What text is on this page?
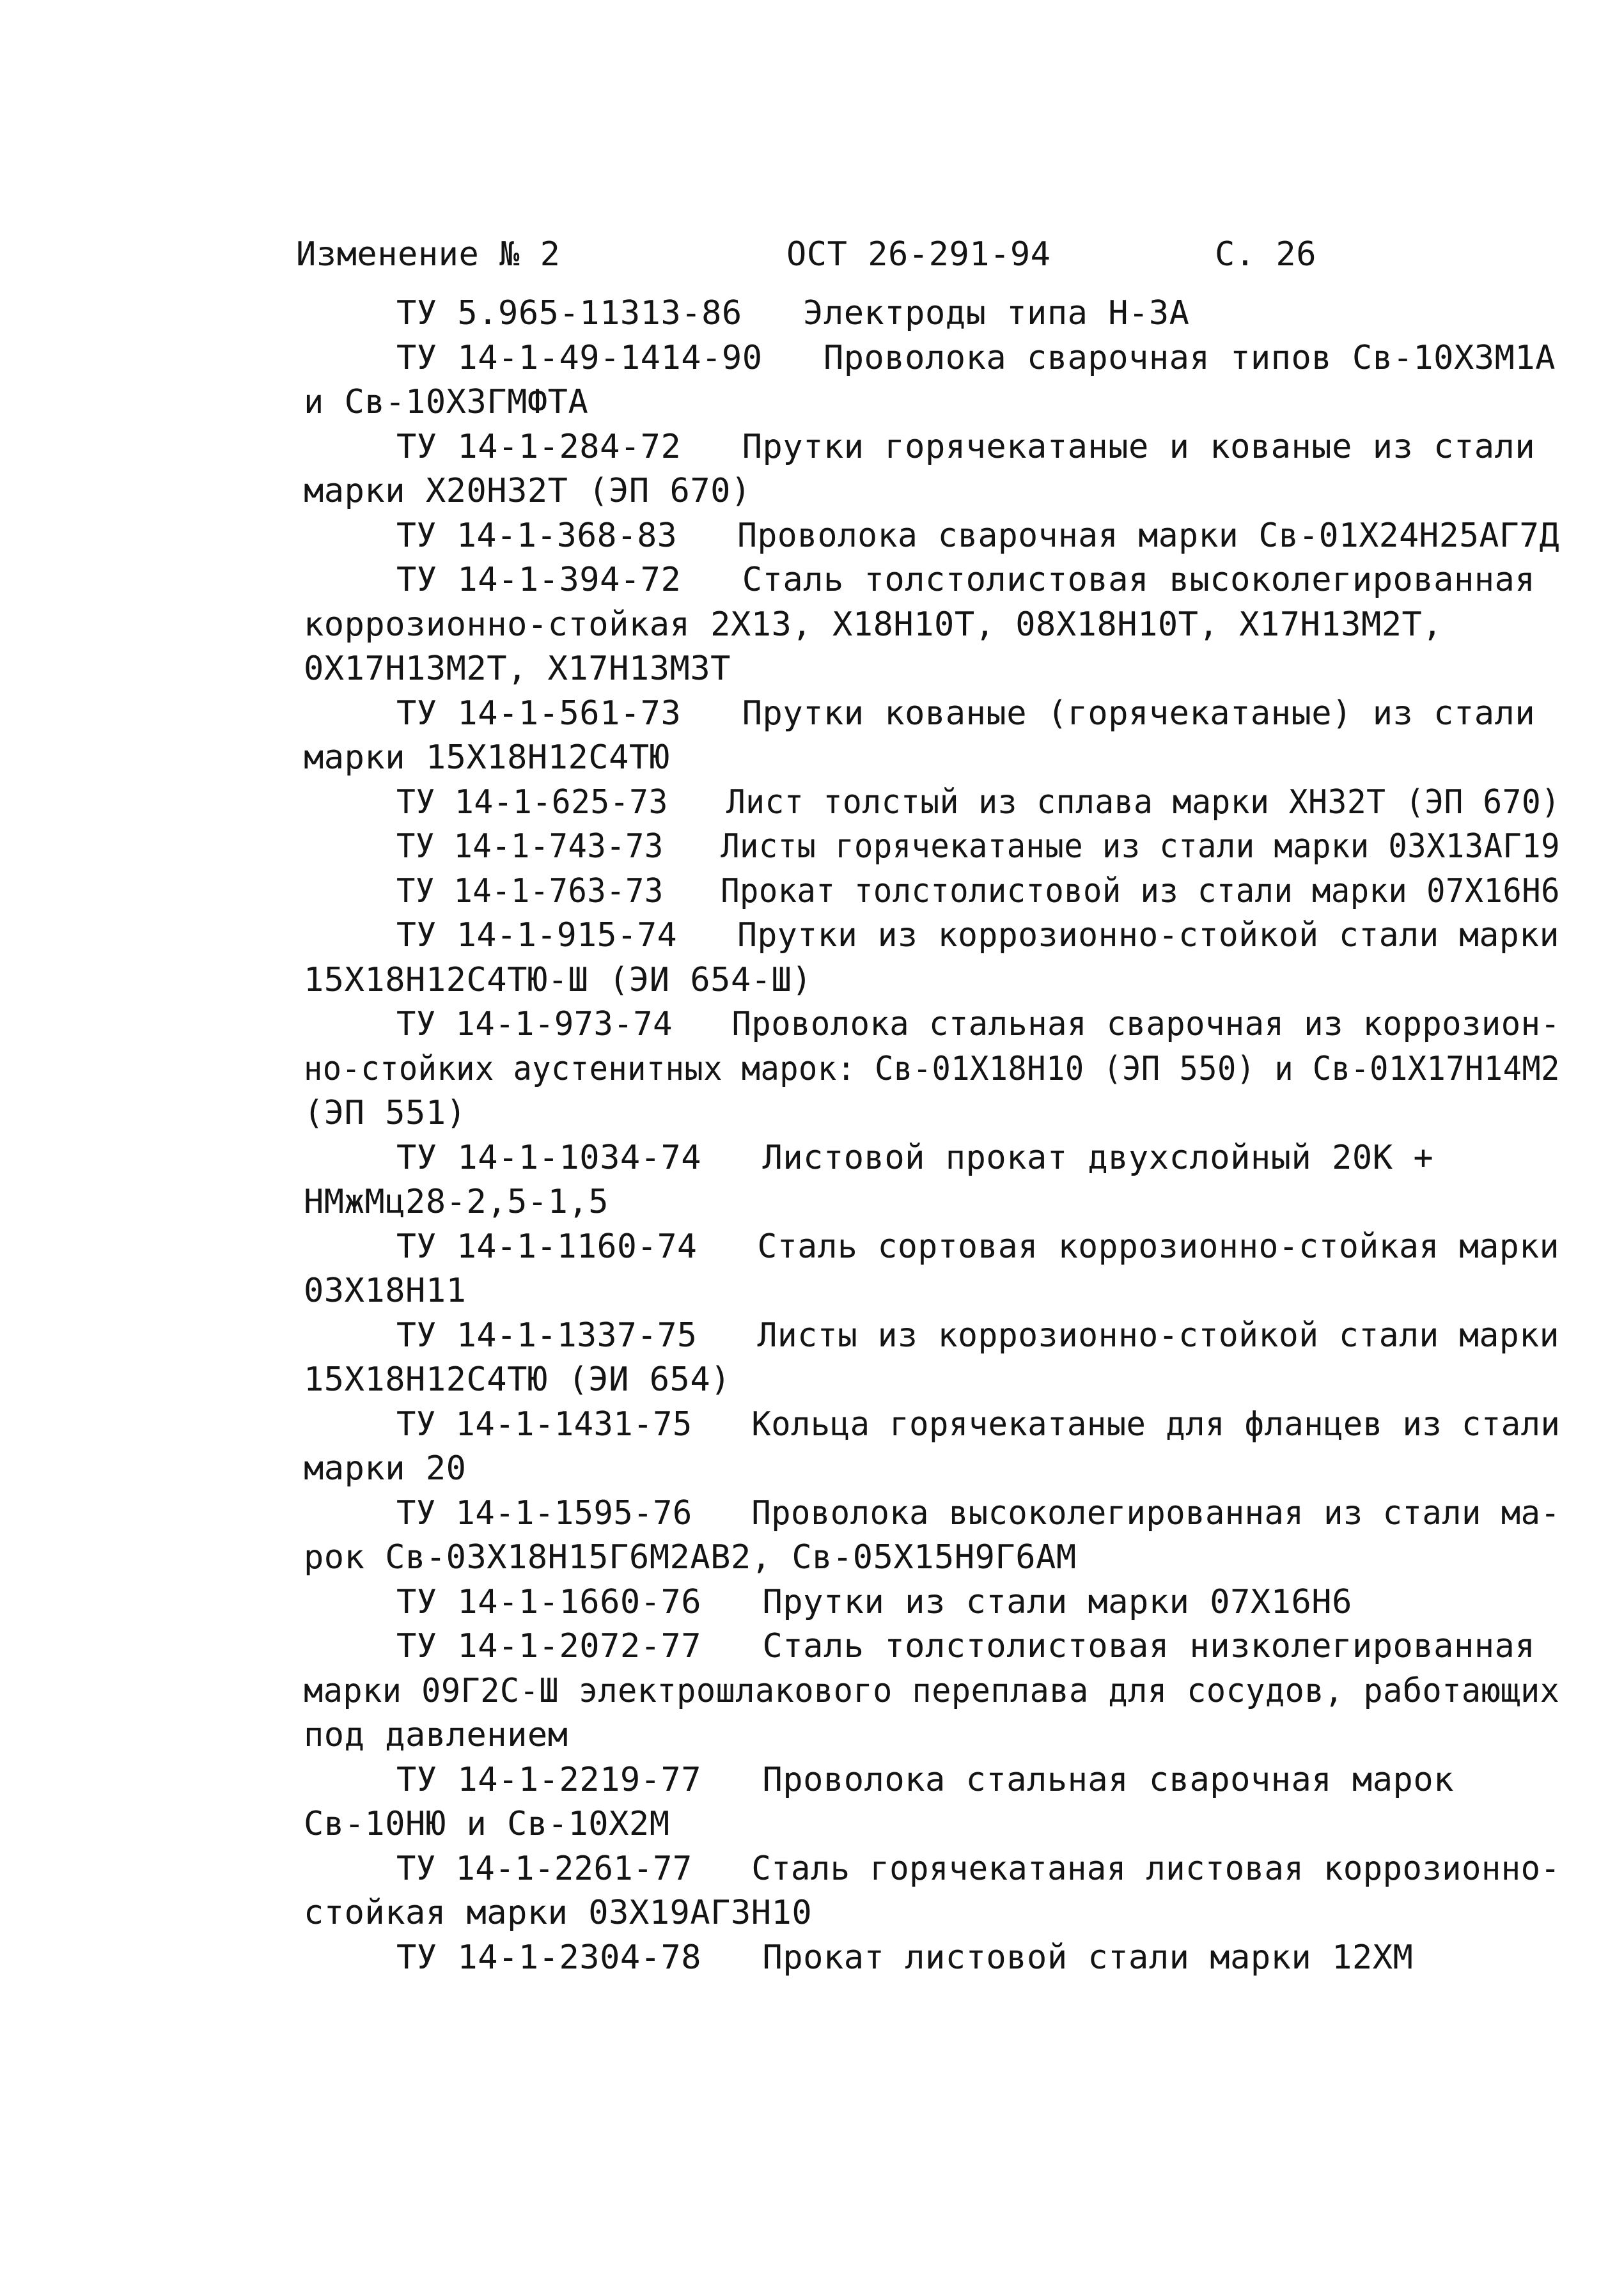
Изменение № 2	ОСТ 26-291-94	С. 26
ТУ 5.965-11313-86   Электроды типа Н-3А
ТУ 14-1-49-1414-90   Проволока сварочная типов Св-10Х3М1А
и Св-10Х3ГМФТА
ТУ 14-1-284-72   Прутки горячекатаные и кованые из стали
марки Х20Н32Т (ЭП 670)
ТУ 14-1-368-83   Проволока сварочная марки Св-01Х24Н25АГ7Д
ТУ 14-1-394-72   Сталь толстолистовая высоколегированная
коррозионно-стойкая 2Х13, Х18Н10Т, 08Х18Н10Т, Х17Н13М2Т,
0Х17Н13М2Т, Х17Н13М3Т
ТУ 14-1-561-73   Прутки кованые (горячекатаные) из стали
марки 15Х18Н12С4ТЮ
ТУ 14-1-625-73   Лист толстый из сплава марки ХН32Т (ЭП 670)
ТУ 14-1-743-73   Листы горячекатаные из стали марки 03Х13АГ19
ТУ 14-1-763-73   Прокат толстолистовой из стали марки 07Х16Н6
ТУ 14-1-915-74   Прутки из коррозионно-стойкой стали марки
15Х18Н12С4ТЮ-Ш (ЭИ 654-Ш)
ТУ 14-1-973-74   Проволока стальная сварочная из коррозион-
но-стойких аустенитных марок: Св-01Х18Н10 (ЭП 550) и Св-01Х17Н14М2
(ЭП 551)
ТУ 14-1-1034-74   Листовой прокат двухслойный 20К +
НМжМц28-2,5-1,5
ТУ 14-1-1160-74   Сталь сортовая коррозионно-стойкая марки
03Х18Н11
ТУ 14-1-1337-75   Листы из коррозионно-стойкой стали марки
15Х18Н12С4ТЮ (ЭИ 654)
ТУ 14-1-1431-75   Кольца горячекатаные для фланцев из стали
марки 20
ТУ 14-1-1595-76   Проволока высоколегированная из стали ма-
рок Св-03Х18Н15Г6М2АВ2, Св-05Х15Н9Г6АМ
ТУ 14-1-1660-76   Прутки из стали марки 07Х16Н6
ТУ 14-1-2072-77   Сталь толстолистовая низколегированная
марки 09Г2С-Ш электрошлакового переплава для сосудов, работающих
под давлением
ТУ 14-1-2219-77   Проволока стальная сварочная марок
Св-10НЮ и Св-10Х2М
ТУ 14-1-2261-77   Сталь горячекатаная листовая коррозионно-
стойкая марки 03Х19АГ3Н10
ТУ 14-1-2304-78   Прокат листовой стали марки 12ХМ
